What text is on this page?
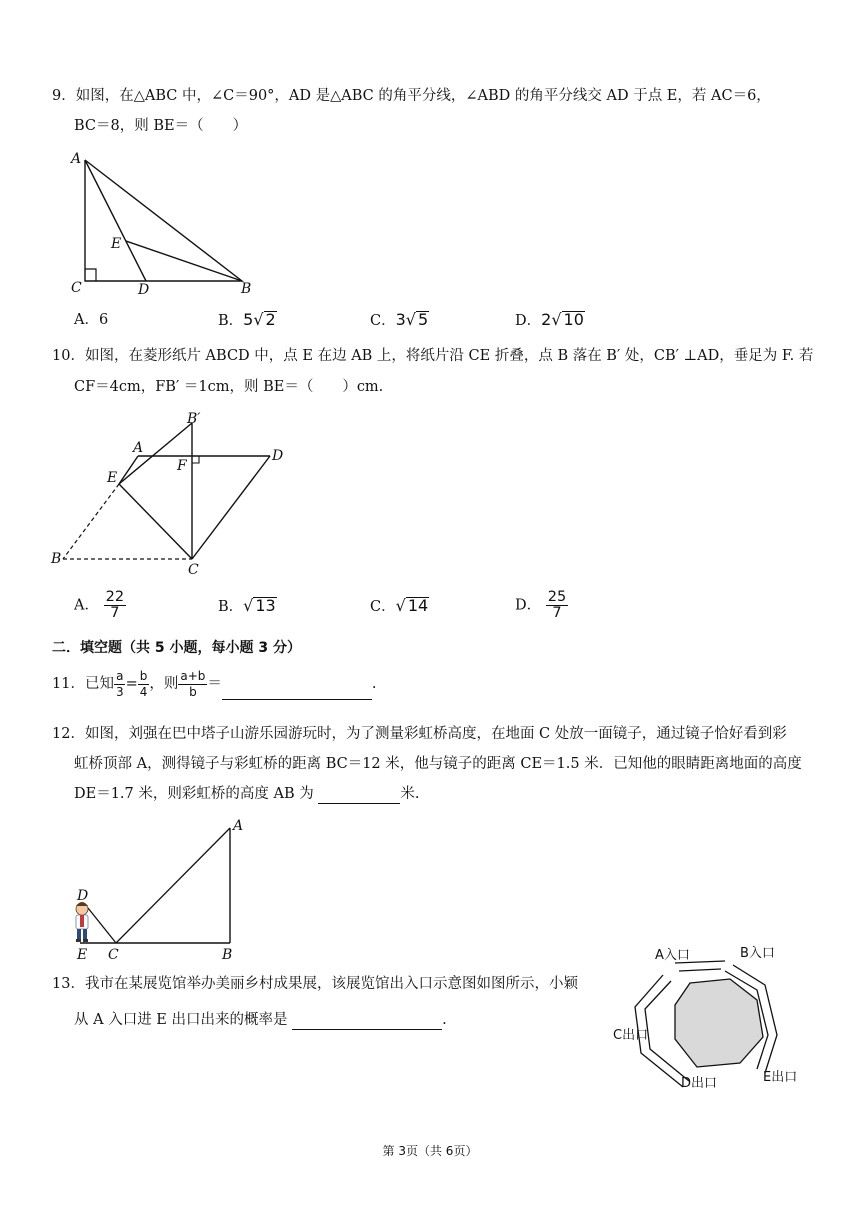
9．如图，在△ABC 中，∠C＝90°，AD 是△ABC 的角平分线，∠ABD 的角平分线交 AD 于点 E，若 AC＝6，
BC＝8，则 BE＝（　　）
A
C	D	B
E
A．6	B．5√ 2	C．3√ 5	D．2√ 10
10．如图，在菱形纸片 ABCD 中，点 E 在边 AB 上，将纸片沿 CE 折叠，点 B 落在 B′ 处，CB′ ⊥AD，垂足为 F. 若
CF＝4cm，FB′ ＝1cm，则 BE＝（　　）cm.
A
B′
D
E
F
B
C
A． $\frac{22}{7}$	B．√ 13	C．√ 14	D． $\frac{25}{7}$
二．填空题（共 5 小题，每小题 3 分）
11．已知 $\frac{a}{3} = \frac{b}{4}$ ，则 $\frac{a+b}{b}$ ＝	.
12．如图，刘强在巴中塔子山游乐园游玩时，为了测量彩虹桥高度，在地面 C 处放一面镜子，通过镜子恰好看到彩
虹桥顶部 A，测得镜子与彩虹桥的距离 BC＝12 米，他与镜子的距离 CE＝1.5 米．已知他的眼睛距离地面的高度
DE＝1.7 米，则彩虹桥的高度 AB 为	米.
A
D
E C	B
13．我市在某展览馆举办美丽乡村成果展，该展览馆出入口示意图如图所示，小颖
从 A 入口进 E 出口出来的概率是	.
A入口	B入口
C出口
D出口	E出口
第 3页（共 6页）
